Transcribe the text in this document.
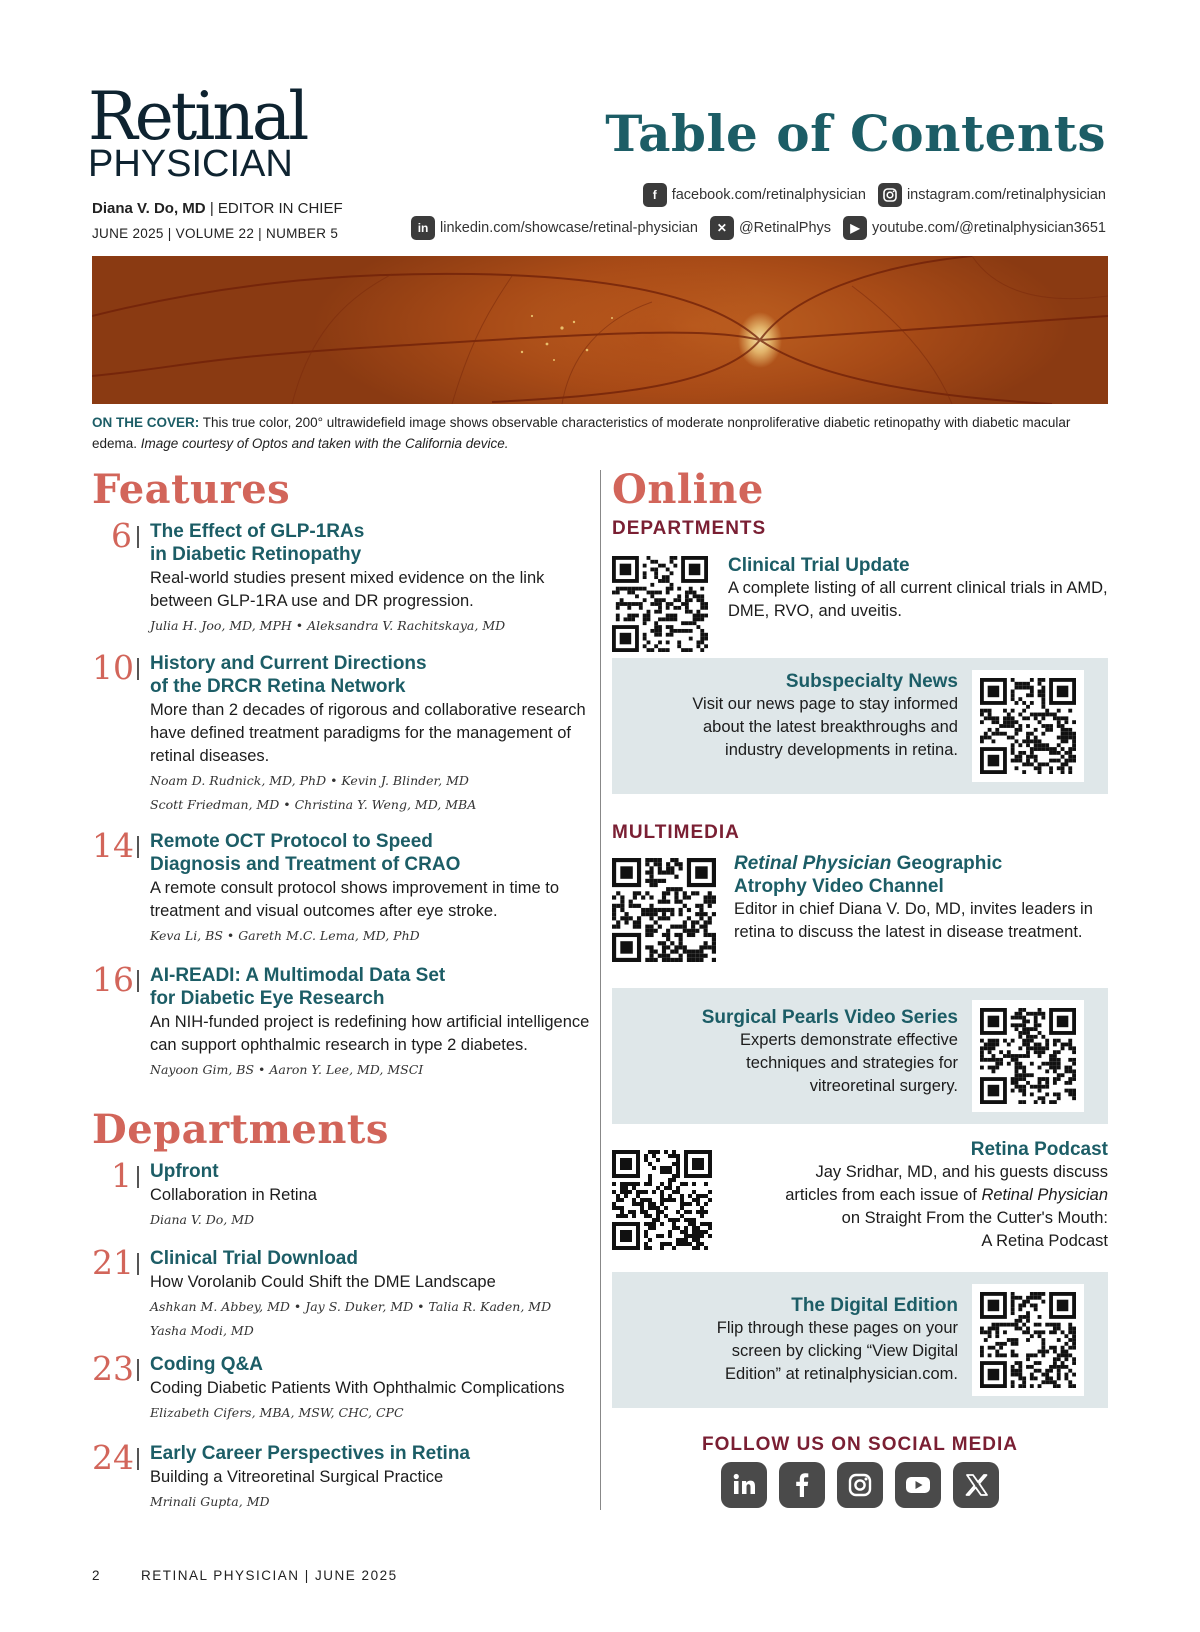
Retinal
PHYSICIAN
Diana V. Do, MD | EDITOR IN CHIEF
JUNE 2025 | VOLUME 22 | NUMBER 5
Table of Contents
f	facebook.com/retinalphysician	instagram.com/retinalphysician
in linkedin.com/showcase/retinal-physician	✕ @RetinalPhys	▶ youtube.com/@retinalphysician3651
ON THE COVER: This true color, 200° ultrawidefield image shows observable characteristics of moderate nonproliferative diabetic retinopathy with diabetic macular edema. Image courtesy of Optos and taken with the California device.
Features
6 The Effect of GLP-1RAs
in Diabetic Retinopathy
Real-world studies present mixed evidence on the link between GLP-1RA use and DR progression.
Julia H. Joo, MD, MPH • Aleksandra V. Rachitskaya, MD
10 History and Current Directions
of the DRCR Retina Network
More than 2 decades of rigorous and collaborative research have defined treatment paradigms for the management of retinal diseases.
Noam D. Rudnick, MD, PhD • Kevin J. Blinder, MD
Scott Friedman, MD • Christina Y. Weng, MD, MBA
14 Remote OCT Protocol to Speed
Diagnosis and Treatment of CRAO
A remote consult protocol shows improvement in time to treatment and visual outcomes after eye stroke.
Keva Li, BS • Gareth M.C. Lema, MD, PhD
16 AI-READI: A Multimodal Data Set
for Diabetic Eye Research
An NIH-funded project is redefining how artificial intelligence can support ophthalmic research in type 2 diabetes.
Nayoon Gim, BS • Aaron Y. Lee, MD, MSCI
Departments
1 Upfront
Collaboration in Retina
Diana V. Do, MD
21 Clinical Trial Download
How Vorolanib Could Shift the DME Landscape
Ashkan M. Abbey, MD • Jay S. Duker, MD • Talia R. Kaden, MD
Yasha Modi, MD
23 Coding Q&A
Coding Diabetic Patients With Ophthalmic Complications
Elizabeth Cifers, MBA, MSW, CHC, CPC
24 Early Career Perspectives in Retina
Building a Vitreoretinal Surgical Practice
Mrinali Gupta, MD
Online
DEPARTMENTS
Clinical Trial Update
A complete listing of all current clinical trials in AMD, DME, RVO, and uveitis.
Subspecialty News
Visit our news page to stay informed
about the latest breakthroughs and
industry developments in retina.
MULTIMEDIA
Retinal Physician Geographic
Atrophy Video Channel
Editor in chief Diana V. Do, MD, invites leaders in retina to discuss the latest in disease treatment.
Surgical Pearls Video Series
Experts demonstrate effective
techniques and strategies for
vitreoretinal surgery.
Retina Podcast
Jay Sridhar, MD, and his guests discuss
articles from each issue of Retinal Physician
on Straight From the Cutter's Mouth:
A Retina Podcast
The Digital Edition
Flip through these pages on your
screen by clicking “View Digital
Edition” at retinalphysician.com.
FOLLOW US ON SOCIAL MEDIA
2	RETINAL PHYSICIAN | JUNE 2025
